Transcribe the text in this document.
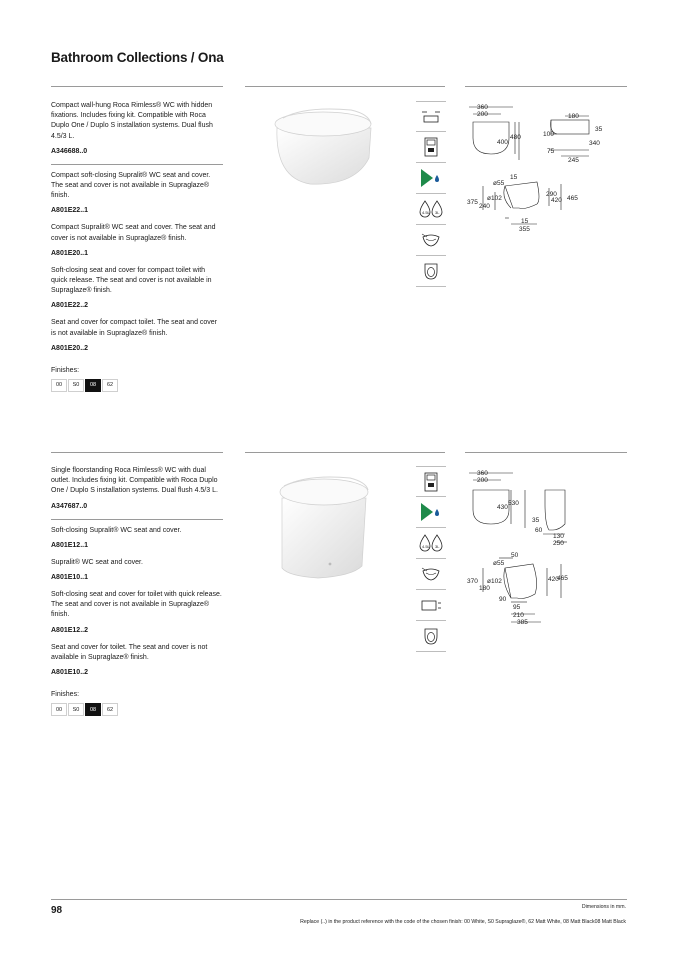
Bathroom Collections / Ona
Compact wall-hung Roca Rimless® WC with hidden fixations. Includes fixing kit. Compatible with Roca Duplo One / Duplo S installation systems. Dual flush 4.5/3 L.
A346688..0
Compact soft-closing Supralit® WC seat and cover. The seat and cover is not available in Supraglaze® finish.
A801E22..1
Compact Supralit® WC seat and cover. The seat and cover is not available in Supraglaze® finish.
A801E20..1
Soft-closing seat and cover for compact toilet with quick release. The seat and cover is not available in Supraglaze® finish.
A801E22..2
Seat and cover for compact toilet. The seat and cover is not available in Supraglaze® finish.
A801E20..2
Finishes:
00	S0	08	62
4.5L 3L
360
200
400
480
180
35
100
340
75
245
15
ø55
ø102
375
240
290
420 465
15
355
Single floorstanding Roca Rimless® WC with dual outlet. Includes fixing kit. Compatible with Roca Duplo One / Duplo S installation systems. Dual flush 4.5/3 L.
A347687..0
Soft-closing Supralit® WC seat and cover.
A801E12..1
Supralit® WC seat and cover.
A801E10..1
Soft-closing seat and cover for toilet with quick release. The seat and cover is not available in Supraglaze® finish.
A801E12..2
Seat and cover for toilet. The seat and cover is not available in Supraglaze® finish.
A801E10..2
Finishes:
00	S0	08	62
4.5L 3L
360
200
430
530
35
60
130
250
50
ø55
ø102
370
180
420
465
90
95
210
385
98	Dimensions in mm.
Replace (..) in the product reference with the code of the chosen finish: 00 White, S0 Supraglaze®, 62 Matt White, 08 Matt Black08 Matt Black
